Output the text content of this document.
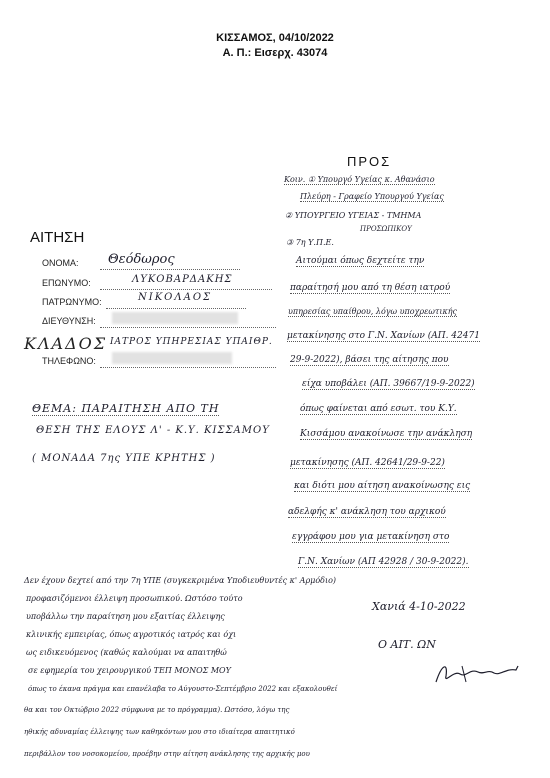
ΚΙΣΣΑΜΟΣ, 04/10/2022
Α. Π.: Εισερχ. 43074
ΑΙΤΗΣΗ
ΟΝΟΜΑ: Θεόδωρος
ΕΠΩΝΥΜΟ:	ΛΥΚΟΒΑΡΔΑΚΗΣ
ΠΑΤΡΩΝΥΜΟ:	ΝΙΚΟΛΑΟΣ
ΔΙΕΥΘΥΝΣΗ:
ΚΛΑΔΟΣ ΙΑΤΡΟΣ ΥΠΗΡΕΣΙΑΣ ΥΠΑΙΘΡ.
ΤΗΛΕΦΩΝΟ:
ΘΕΜΑ: ΠΑΡΑΙΤΗΣΗ ΑΠΟ ΤΗ
ΘΕΣΗ ΤΗΣ ΕΛΟΥΣ Λ' - Κ.Υ. ΚΙΣΣΑΜΟΥ
( ΜΟΝΑΔΑ 7ης ΥΠΕ ΚΡΗΤΗΣ )
ΠΡΟΣ
Κοιν. ① Υπουργό Υγείας κ. Αθανάσιο
Πλεύρη - Γραφείο Υπουργού Υγείας
② ΥΠΟΥΡΓΕΙΟ ΥΓΕΙΑΣ - ΤΜΗΜΑ
ΠΡΟΣΩΠΙΚΟΥ
③ 7η Υ.Π.Ε.
Αιτούμαι όπως δεχτείτε την
παραίτησή μου από τη θέση ιατρού
υπηρεσίας υπαίθρου, λόγω υποχρεωτικής
μετακίνησης στο Γ.Ν. Χανίων (ΑΠ. 42471
29-9-2022), βάσει της αίτησης που
είχα υποβάλει (ΑΠ. 39667/19-9-2022)
όπως φαίνεται από εσωτ. του Κ.Υ.
Κισσάμου ανακοίνωσε την ανάκληση
μετακίνησης (ΑΠ. 42641/29-9-22)
και διότι μου αίτηση ανακοίνωσης εις
αδελφής κ' ανάκληση του αρχικού
εγγράφου μου για μετακίνηση στο
Γ.Ν. Χανίων (ΑΠ 42928 / 30-9-2022).
Χανιά 4-10-2022
Ο ΑΙΤ. ΩΝ
Δεν έχουν δεχτεί από την 7η ΥΠΕ (συγκεκριμένα Υποδιευθυντές κ' Αρμόδιο)
προφασιζόμενοι έλλειψη προσωπικού. Ωστόσο τούτο
υποβάλλω την παραίτηση μου εξαιτίας έλλειψης
κλινικής εμπειρίας, όπως αγροτικός ιατρός και όχι
ως ειδικευόμενος (καθώς καλούμαι να απαιτηθώ
σε εφημερία του χειρουργικού ΤΕΠ ΜΟΝΟΣ ΜΟΥ
όπως το έκανα πράγμα και επανέλαβα το Αύγουστο-Σεπτέμβριο 2022 και εξακολουθεί
θα και τον Οκτώβριο 2022 σύμφωνα με το πρόγραμμα). Ωστόσο, λόγω της
ηθικής αδυναμίας έλλειψης των καθηκόντων μου στο ιδιαίτερα απαιτητικό
περιβάλλον του νοσοκομείου, προέβην στην αίτηση ανάκλησης της αρχικής μου
